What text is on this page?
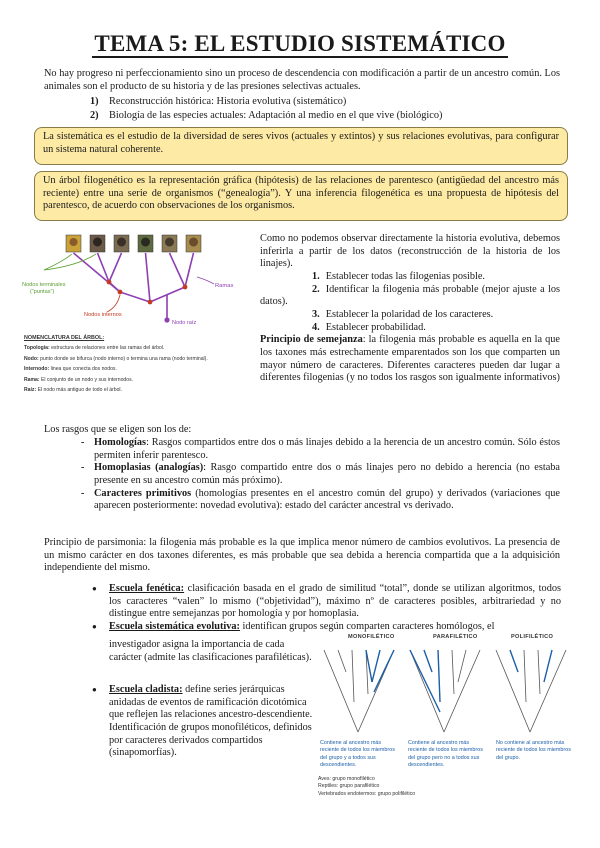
TEMA 5: EL ESTUDIO SISTEMÁTICO

No hay progreso ni perfeccionamiento sino un proceso de descendencia con modificación a partir de un ancestro común. Los animales son el producto de su historia y de las presiones selectivas actuales.

1) Reconstrucción histórica: Historia evolutiva (sistemático)
2) Biología de las especies actuales: Adaptación al medio en el que vive (biológico)
La sistemática es el estudio de la diversidad de seres vivos (actuales y extintos) y sus relaciones evolutivas, para configurar un sistema natural coherente.
Un árbol filogenético es la representación gráfica (hipótesis) de las relaciones de parentesco (antigüedad del ancestro más reciente) entre una serie de organismos (“genealogía”). Y una inferencia filogenética es una propuesta de hipótesis del parentesco, de acuerdo con observaciones de los organismos.
Nodos terminales
(“puntas”)
Ramas
Nodos internos
Nodo raíz
NOMENCLATURA DEL ÁRBOL:

Topología: estructura de relaciones entre las ramas del árbol.

Nodo: punto donde se bifurca (nodo interno) o termina una rama (nodo terminal).

Internodo: linea que conecta dos nodos.

Rama: El conjunto de un nodo y sus internodos.

Raíz: El nodo más antiguo de todo el árbol.

Como no podemos observar directamente la historia evolutiva, debemos inferirla a partir de los datos (reconstrucción de la historia de los linajes).

1. Establecer todas las filogenias posible.
2. Identificar la filogenia más probable (mejor ajuste a los datos).
3. Establecer la polaridad de los caracteres.
4. Establecer probabilidad.

Principio de semejanza: la filogenia más probable es aquella en la que los taxones más estrechamente emparentados son los que comparten un mayor número de caracteres. Diferentes caracteres pueden dar lugar a diferentes filogenias (y no todos los rasgos son igualmente informativos)

Los rasgos que se eligen son los de:

- Homologías: Rasgos compartidos entre dos o más linajes debido a la herencia de un ancestro común. Sólo éstos permiten inferir parentesco.
- Homoplasias (analogías): Rasgo compartido entre dos o más linajes pero no debido a herencia (no estaba presente en su ancestro común más próximo).
- Caracteres primitivos (homologías presentes en el ancestro común del grupo) y derivados (variaciones que aparecen posteriormente: novedad evolutiva): estado del carácter ancestral vs derivado.

Principio de parsimonia: la filogenia más probable es la que implica menor número de cambios evolutivos. La presencia de un mismo carácter en dos taxones diferentes, es más probable que sea debida a herencia compartida que a la adquisición independiente del mismo.

● Escuela fenética: clasificación basada en el grado de similitud “total”, donde se utilizan algoritmos, todos los caracteres “valen” lo mismo (“objetividad”), máximo nº de caracteres posibles, arbitrariedad y no distingue entre semejanzas por homología y por homoplasia.
● Escuela sistemática evolutiva: identifican grupos según comparten caracteres homólogos, el

investigador asigna la importancia de cada carácter (admite las clasificaciones parafiléticas).

● Escuela cladista: define series jerárquicas anidadas de eventos de ramificación dicotómica que reflejen las relaciones ancestro-descendiente. Identificación de grupos monofiléticos, definidos por caracteres derivados compartidos (sinapomorfías).

MONOFILÉTICO	PARAFILÉTICO	POLIFILÉTICO
Contiene al ancestro más reciente de todos los miembros del grupo y a todos sus descendientes.
Contiene al ancestro más reciente de todos los miembros del grupo pero no a todos sus descendientes.
No contiene al ancestro más reciente de todos los miembros del grupo.
Aves: grupo monofilético
Reptiles: grupo parafilético
Vertebrados endotermos: grupo polifilético
